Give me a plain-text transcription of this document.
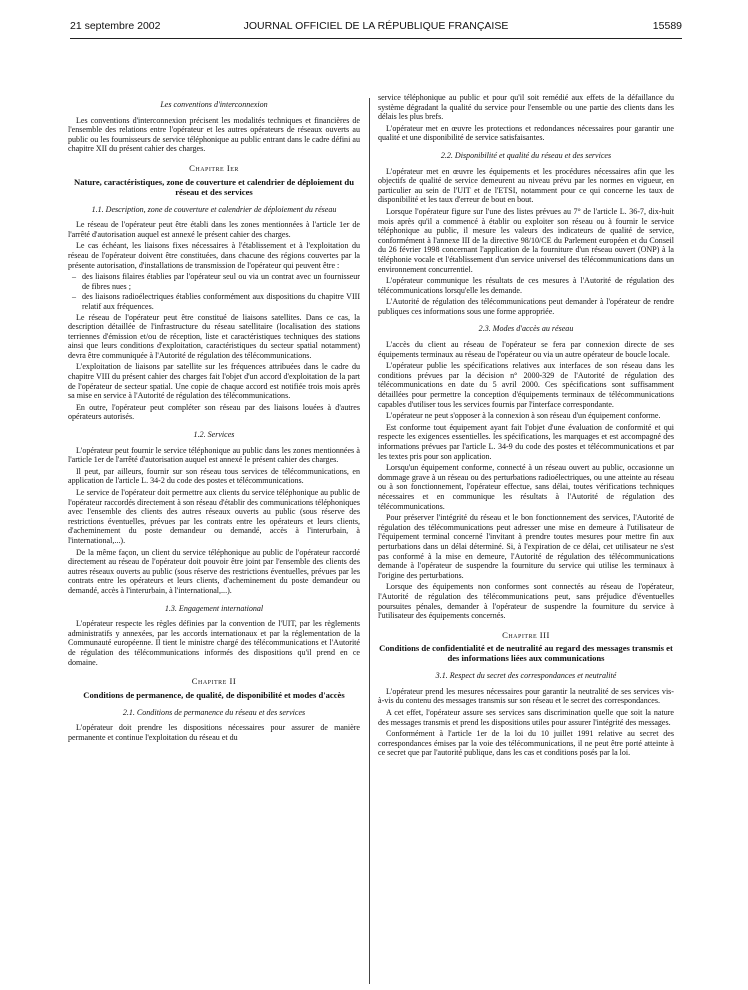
21 septembre 2002	JOURNAL OFFICIEL DE LA RÉPUBLIQUE FRANÇAISE	15589

Les conventions d'interconnexion

Les conventions d'interconnexion précisent les modalités techniques et financières de l'ensemble des relations entre l'opérateur et les autres opérateurs de réseaux ouverts au public ou les fournisseurs de service téléphonique au public entrant dans le cadre défini au chapitre XII du présent cahier des charges.

Chapitre Ier

Nature, caractéristiques, zone de couverture et calendrier de déploiement du réseau et des services

1.1. Description, zone de couverture et calendrier de déploiement du réseau

Le réseau de l'opérateur peut être établi dans les zones mentionnées à l'article 1er de l'arrêté d'autorisation auquel est annexé le présent cahier des charges.

Le cas échéant, les liaisons fixes nécessaires à l'établissement et à l'exploitation du réseau de l'opérateur doivent être constituées, dans chacune des régions couvertes par la présente autorisation, d'installations de transmission de l'opérateur qui peuvent être :

– des liaisons filaires établies par l'opérateur seul ou via un contrat avec un fournisseur de fibres nues ;

– des liaisons radioélectriques établies conformément aux dispositions du chapitre VIII relatif aux fréquences.

Le réseau de l'opérateur peut être constitué de liaisons satellites. Dans ce cas, la description détaillée de l'infrastructure du réseau satellitaire (localisation des stations terriennes d'émission et/ou de réception, liste et caractéristiques techniques des stations ainsi que leurs conditions d'exploitation, caractéristiques du secteur spatial notamment) devra être communiquée à l'Autorité de régulation des télécommunications.

L'exploitation de liaisons par satellite sur les fréquences attribuées dans le cadre du chapitre VIII du présent cahier des charges fait l'objet d'un accord d'exploitation de la part de l'opérateur de secteur spatial. Une copie de chaque accord est notifiée trois mois après sa mise en service à l'Autorité de régulation des télécommunications.

En outre, l'opérateur peut compléter son réseau par des liaisons louées à d'autres opérateurs autorisés.

1.2. Services

L'opérateur peut fournir le service téléphonique au public dans les zones mentionnées à l'article 1er de l'arrêté d'autorisation auquel est annexé le présent cahier des charges.

Il peut, par ailleurs, fournir sur son réseau tous services de télécommunications, en application de l'article L. 34-2 du code des postes et télécommunications.

Le service de l'opérateur doit permettre aux clients du service téléphonique au public de l'opérateur raccordés directement à son réseau d'établir des communications téléphoniques avec l'ensemble des clients des autres réseaux ouverts au public (sous réserve des restrictions éventuelles, prévues par les contrats entre les opérateurs et leurs clients, d'acheminement du poste demandeur ou demandé, accès à l'interurbain, à l'international,...).

De la même façon, un client du service téléphonique au public de l'opérateur raccordé directement au réseau de l'opérateur doit pouvoir être joint par l'ensemble des clients des autres réseaux ouverts au public (sous réserve des restrictions éventuelles, prévues par les contrats entre les opérateurs et leurs clients, d'acheminement du poste demandeur ou demandé, accès à l'interurbain, à l'international,...).

1.3. Engagement international

L'opérateur respecte les règles définies par la convention de l'UIT, par les règlements administratifs y annexées, par les accords internationaux et par la réglementation de la Communauté européenne. Il tient le ministre chargé des télécommunications et l'Autorité de régulation des télécommunications informés des dispositions qu'il prend en ce domaine.

Chapitre II

Conditions de permanence, de qualité, de disponibilité et modes d'accès

2.1. Conditions de permanence du réseau et des services

L'opérateur doit prendre les dispositions nécessaires pour assurer de manière permanente et continue l'exploitation du réseau et du

service téléphonique au public et pour qu'il soit remédié aux effets de la défaillance du système dégradant la qualité du service pour l'ensemble ou une partie des clients dans les délais les plus brefs.

L'opérateur met en œuvre les protections et redondances nécessaires pour garantir une qualité et une disponibilité de service satisfaisantes.

2.2. Disponibilité et qualité du réseau et des services

L'opérateur met en œuvre les équipements et les procédures nécessaires afin que les objectifs de qualité de service demeurent au niveau prévu par les normes en vigueur, en particulier au sein de l'UIT et de l'ETSI, notamment pour ce qui concerne les taux de disponibilité et les taux d'erreur de bout en bout.

Lorsque l'opérateur figure sur l'une des listes prévues au 7° de l'article L. 36-7, dix-huit mois après qu'il a commencé à établir ou exploiter son réseau ou à fournir le service téléphonique au public, il mesure les valeurs des indicateurs de qualité de service, conformément à l'annexe III de la directive 98/10/CE du Parlement européen et du Conseil du 26 février 1998 concernant l'application de la fourniture d'un réseau ouvert (ONP) à la téléphonie vocale et l'établissement d'un service universel des télécommunications dans un environnement concurrentiel.

L'opérateur communique les résultats de ces mesures à l'Autorité de régulation des télécommunications lorsqu'elle les demande.

L'Autorité de régulation des télécommunications peut demander à l'opérateur de rendre publiques ces informations sous une forme appropriée.

2.3. Modes d'accès au réseau

L'accès du client au réseau de l'opérateur se fera par connexion directe de ses équipements terminaux au réseau de l'opérateur ou via un autre opérateur de boucle locale.

L'opérateur publie les spécifications relatives aux interfaces de son réseau dans les conditions prévues par la décision n° 2000-329 de l'Autorité de régulation des télécommunications en date du 5 avril 2000. Ces spécifications sont suffisamment détaillées pour permettre la conception d'équipements terminaux de télécommunications capables d'utiliser tous les services fournis par l'interface correspondante.

L'opérateur ne peut s'opposer à la connexion à son réseau d'un équipement conforme.

Est conforme tout équipement ayant fait l'objet d'une évaluation de conformité et qui respecte les exigences essentielles. les spécifications, les marquages et est accompagné des informations prévues par l'article L. 34-9 du code des postes et télécommunications et par les textes pris pour son application.

Lorsqu'un équipement conforme, connecté à un réseau ouvert au public, occasionne un dommage grave à un réseau ou des perturbations radioélectriques, ou une atteinte au réseau ou à son fonctionnement, l'opérateur effectue, sans délai, toutes vérifications techniques nécessaires et en communique les résultats à l'Autorité de régulation des télécommunications.

Pour préserver l'intégrité du réseau et le bon fonctionnement des services, l'Autorité de régulation des télécommunications peut adresser une mise en demeure à l'utilisateur de l'équipement terminal concerné l'invitant à prendre toutes mesures pour mettre fin aux perturbations dans un délai déterminé. Si, à l'expiration de ce délai, cet utilisateur ne s'est pas conformé à la mise en demeure, l'Autorité de régulation des télécommunications demande à l'opérateur de suspendre la fourniture du service qui utilise les terminaux à l'origine des perturbations.

Lorsque des équipements non conformes sont connectés au réseau de l'opérateur, l'Autorité de régulation des télécommunications peut, sans préjudice d'éventuelles poursuites pénales, demander à l'opérateur de suspendre la fourniture du service à l'utilisateur des équipements concernés.

Chapitre III

Conditions de confidentialité et de neutralité au regard des messages transmis et des informations liées aux communications

3.1. Respect du secret des correspondances et neutralité

L'opérateur prend les mesures nécessaires pour garantir la neutralité de ses services vis-à-vis du contenu des messages transmis sur son réseau et le secret des correspondances.

A cet effet, l'opérateur assure ses services sans discrimination quelle que soit la nature des messages transmis et prend les dispositions utiles pour assurer l'intégrité des messages.

Conformément à l'article 1er de la loi du 10 juillet 1991 relative au secret des correspondances émises par la voie des télécommunications, il ne peut être porté atteinte à ce secret que par l'autorité publique, dans les cas et conditions posés par la loi.
